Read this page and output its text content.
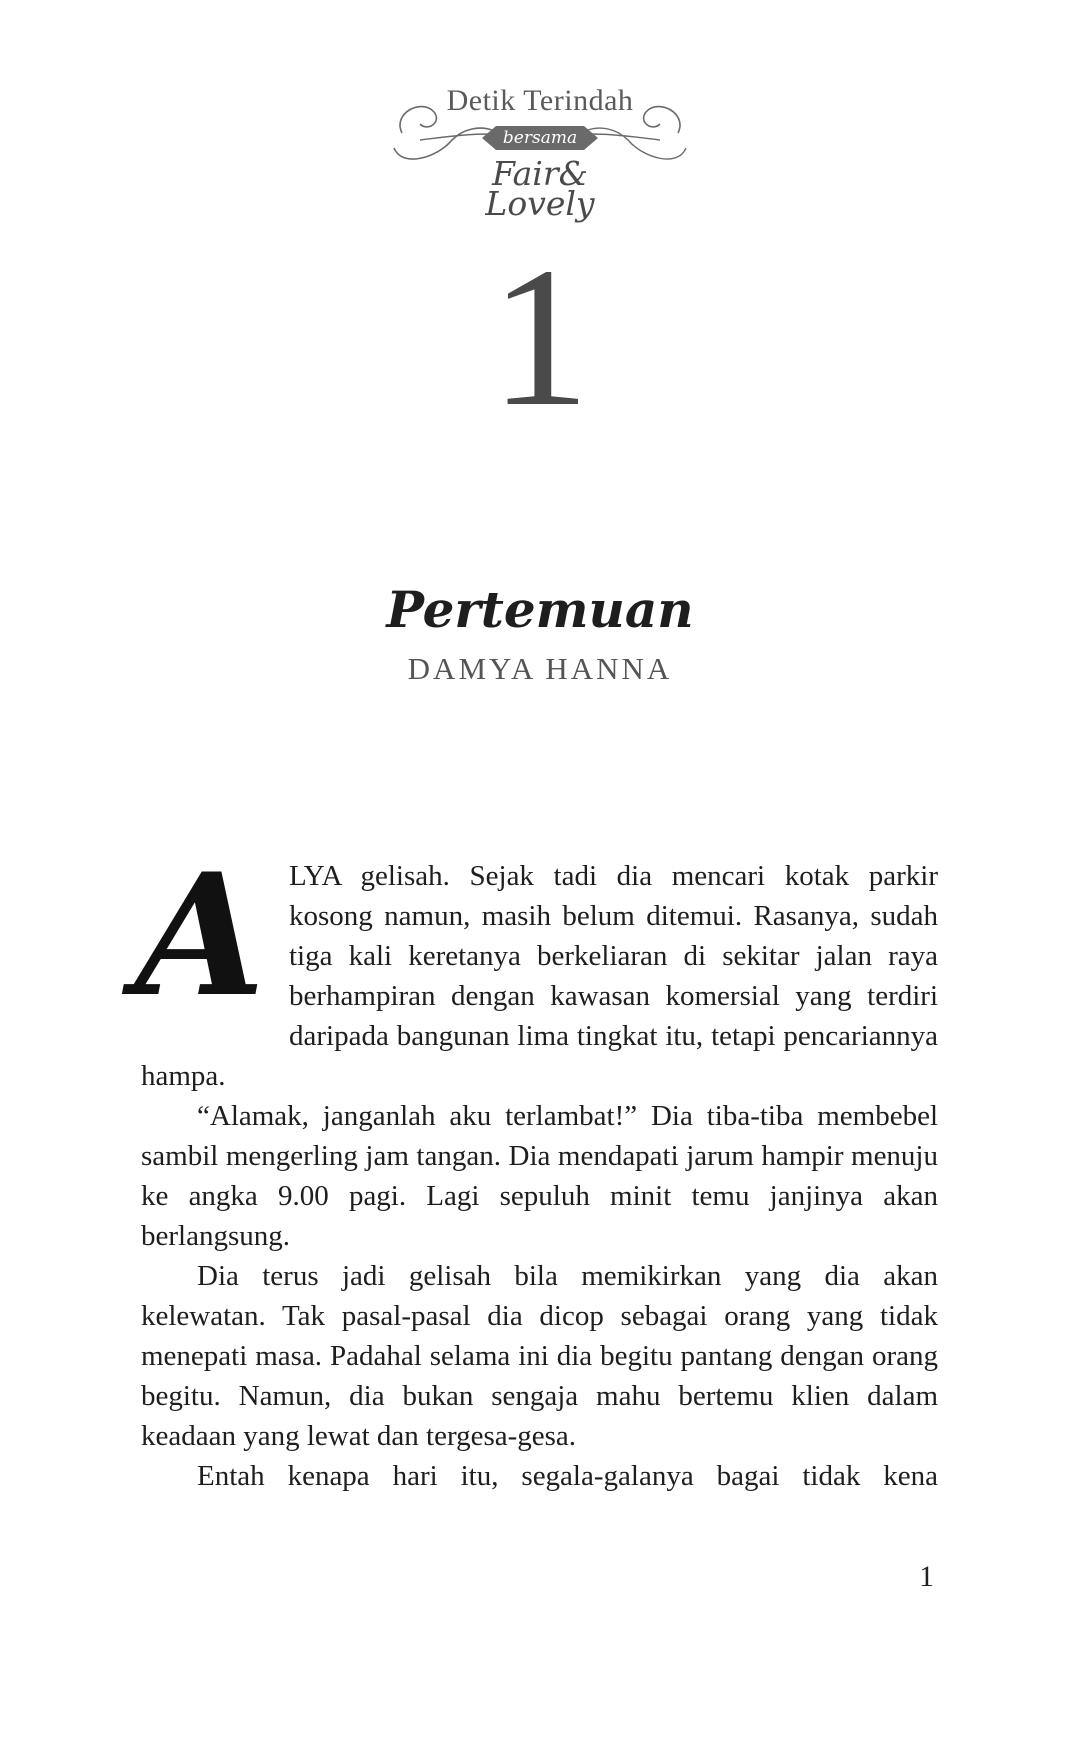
Detik Terindah
bersama
Fair&
Lovely
1
Pertemuan
DAMYA HANNA

ALYA gelisah. Sejak tadi dia mencari kotak parkir kosong namun, masih belum ditemui. Rasanya, sudah tiga kali keretanya berkeliaran di sekitar jalan raya berhampiran dengan kawasan komersial yang terdiri daripada bangunan lima tingkat itu, tetapi pencariannya hampa.

“Alamak, janganlah aku terlambat!” Dia tiba-tiba membebel sambil mengerling jam tangan. Dia mendapati jarum hampir menuju ke angka 9.00 pagi. Lagi sepuluh minit temu janjinya akan berlangsung.

Dia terus jadi gelisah bila memikirkan yang dia akan kelewatan. Tak pasal-pasal dia dicop sebagai orang yang tidak menepati masa. Padahal selama ini dia begitu pantang dengan orang begitu. Namun, dia bukan sengaja mahu bertemu klien dalam keadaan yang lewat dan tergesa-gesa.

Entah kenapa hari itu, segala-galanya bagai tidak kena

1
